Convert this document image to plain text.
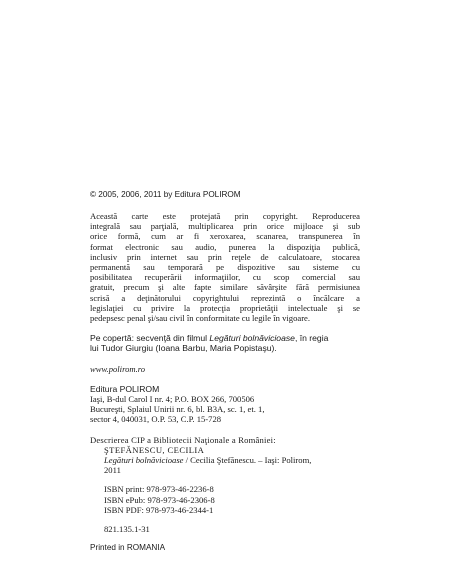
© 2005, 2006, 2011 by Editura POLIROM
Această carte este protejată prin copyright. Reproducerea
integrală sau parţială, multiplicarea prin orice mijloace şi sub
orice formă, cum ar fi xeroxarea, scanarea, transpunerea în
format electronic sau audio, punerea la dispoziţia publică,
inclusiv prin internet sau prin reţele de calculatoare, stocarea
permanentă sau temporară pe dispozitive sau sisteme cu
posibilitatea recuperării informaţiilor, cu scop comercial sau
gratuit, precum şi alte fapte similare săvârşite fără permisiunea
scrisă a deţinătorului copyrightului reprezintă o încălcare a
legislaţiei cu privire la protecţia proprietăţii intelectuale şi se
pedepsesc penal şi/sau civil în conformitate cu legile în vigoare.
Pe copertă: secvenţă din filmul Legături bolnăvicioase, în regia
lui Tudor Giurgiu (Ioana Barbu, Maria Popistaşu).
www.polirom.ro
Editura POLIROM
Iaşi, B-dul Carol I nr. 4; P.O. BOX 266, 700506
Bucureşti, Splaiul Unirii nr. 6, bl. B3A, sc. 1, et. 1,
sector 4, 040031, O.P. 53, C.P. 15-728
Descrierea CIP a Bibliotecii Naţionale a României:
ŞTEFĂNESCU, CECILIA
Legături bolnăvicioase / Cecilia Ştefănescu. – Iaşi: Polirom,
2011
ISBN print: 978-973-46-2236-8
ISBN ePub: 978-973-46-2306-8
ISBN PDF: 978-973-46-2344-1
821.135.1-31
Printed in ROMANIA
